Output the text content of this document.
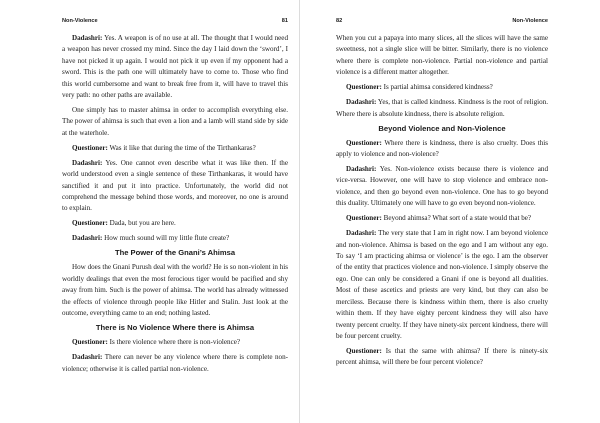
Non-Violence	81

Dadashri: Yes. A weapon is of no use at all. The thought that I would need a weapon has never crossed my mind. Since the day I laid down the ‘sword’, I have not picked it up again. I would not pick it up even if my opponent had a sword. This is the path one will ultimately have to come to. Those who find this world cumbersome and want to break free from it, will have to travel this very path: no other paths are available.

One simply has to master ahimsa in order to accomplish everything else. The power of ahimsa is such that even a lion and a lamb will stand side by side at the waterhole.

Questioner: Was it like that during the time of the Tirthankaras?

Dadashri: Yes. One cannot even describe what it was like then. If the world understood even a single sentence of these Tirthankaras, it would have sanctified it and put it into practice. Unfortunately, the world did not comprehend the message behind those words, and moreover, no one is around to explain.

Questioner: Dada, but you are here.

Dadashri: How much sound will my little flute create?

The Power of the Gnani’s Ahimsa

How does the Gnani Purush deal with the world? He is so non-violent in his worldly dealings that even the most ferocious tiger would be pacified and shy away from him. Such is the power of ahimsa. The world has already witnessed the effects of violence through people like Hitler and Stalin. Just look at the outcome, everything came to an end; nothing lasted.

There is No Violence Where there is Ahimsa

Questioner: Is there violence where there is non-violence?

Dadashri: There can never be any violence where there is complete non-violence; otherwise it is called partial non-violence.

82	Non-Violence

When you cut a papaya into many slices, all the slices will have the same sweetness, not a single slice will be bitter. Similarly, there is no violence where there is complete non-violence. Partial non-violence and partial violence is a different matter altogether.

Questioner: Is partial ahimsa considered kindness?

Dadashri: Yes, that is called kindness. Kindness is the root of religion. Where there is absolute kindness, there is absolute religion.

Beyond Violence and Non-Violence

Questioner: Where there is kindness, there is also cruelty. Does this apply to violence and non-violence?

Dadashri: Yes. Non-violence exists because there is violence and vice-versa. However, one will have to stop violence and embrace non-violence, and then go beyond even non-violence. One has to go beyond this duality. Ultimately one will have to go even beyond non-violence.

Questioner: Beyond ahimsa? What sort of a state would that be?

Dadashri: The very state that I am in right now. I am beyond violence and non-violence. Ahimsa is based on the ego and I am without any ego. To say ‘I am practicing ahimsa or violence’ is the ego. I am the observer of the entity that practices violence and non-violence. I simply observe the ego. One can only be considered a Gnani if one is beyond all dualities. Most of these ascetics and priests are very kind, but they can also be merciless. Because there is kindness within them, there is also cruelty within them. If they have eighty percent kindness they will also have twenty percent cruelty. If they have ninety-six percent kindness, there will be four percent cruelty.

Questioner: Is that the same with ahimsa? If there is ninety-six percent ahimsa, will there be four percent violence?
